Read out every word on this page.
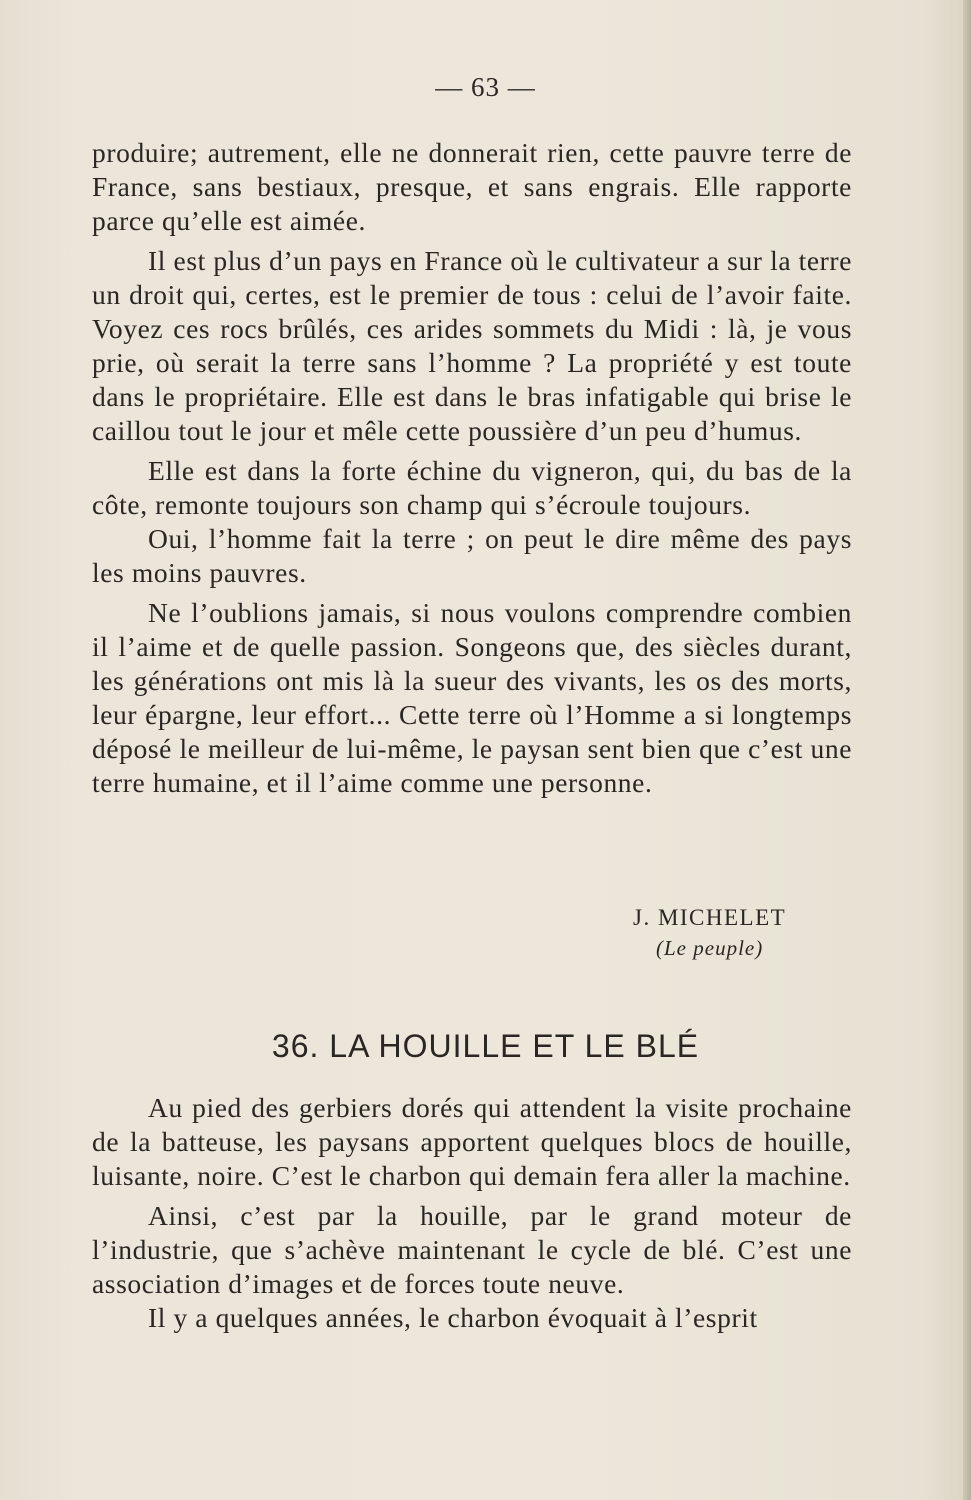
— 63 —

produire; autrement, elle ne donnerait rien, cette pauvre terre de France, sans bestiaux, presque, et sans engrais. Elle rapporte parce qu’elle est aimée.

Il est plus d’un pays en France où le cultivateur a sur la terre un droit qui, certes, est le premier de tous : celui de l’avoir faite. Voyez ces rocs brûlés, ces arides sommets du Midi : là, je vous prie, où serait la terre sans l’homme ? La propriété y est toute dans le propriétaire. Elle est dans le bras infatigable qui brise le caillou tout le jour et mêle cette poussière d’un peu d’humus.

Elle est dans la forte échine du vigneron, qui, du bas de la côte, remonte toujours son champ qui s’écroule toujours.

Oui, l’homme fait la terre ; on peut le dire même des pays les moins pauvres.

Ne l’oublions jamais, si nous voulons comprendre combien il l’aime et de quelle passion. Songeons que, des siècles durant, les générations ont mis là la sueur des vivants, les os des morts, leur épargne, leur effort... Cette terre où l’Homme a si longtemps déposé le meilleur de lui-même, le paysan sent bien que c’est une terre humaine, et il l’aime comme une personne.

J. MICHELET
(Le peuple)
36. LA HOUILLE ET LE BLÉ

Au pied des gerbiers dorés qui attendent la visite prochaine de la batteuse, les paysans apportent quelques blocs de houille, luisante, noire. C’est le charbon qui demain fera aller la machine.

Ainsi, c’est par la houille, par le grand moteur de l’industrie, que s’achève maintenant le cycle de blé. C’est une association d’images et de forces toute neuve.

Il y a quelques années, le charbon évoquait à l’esprit
